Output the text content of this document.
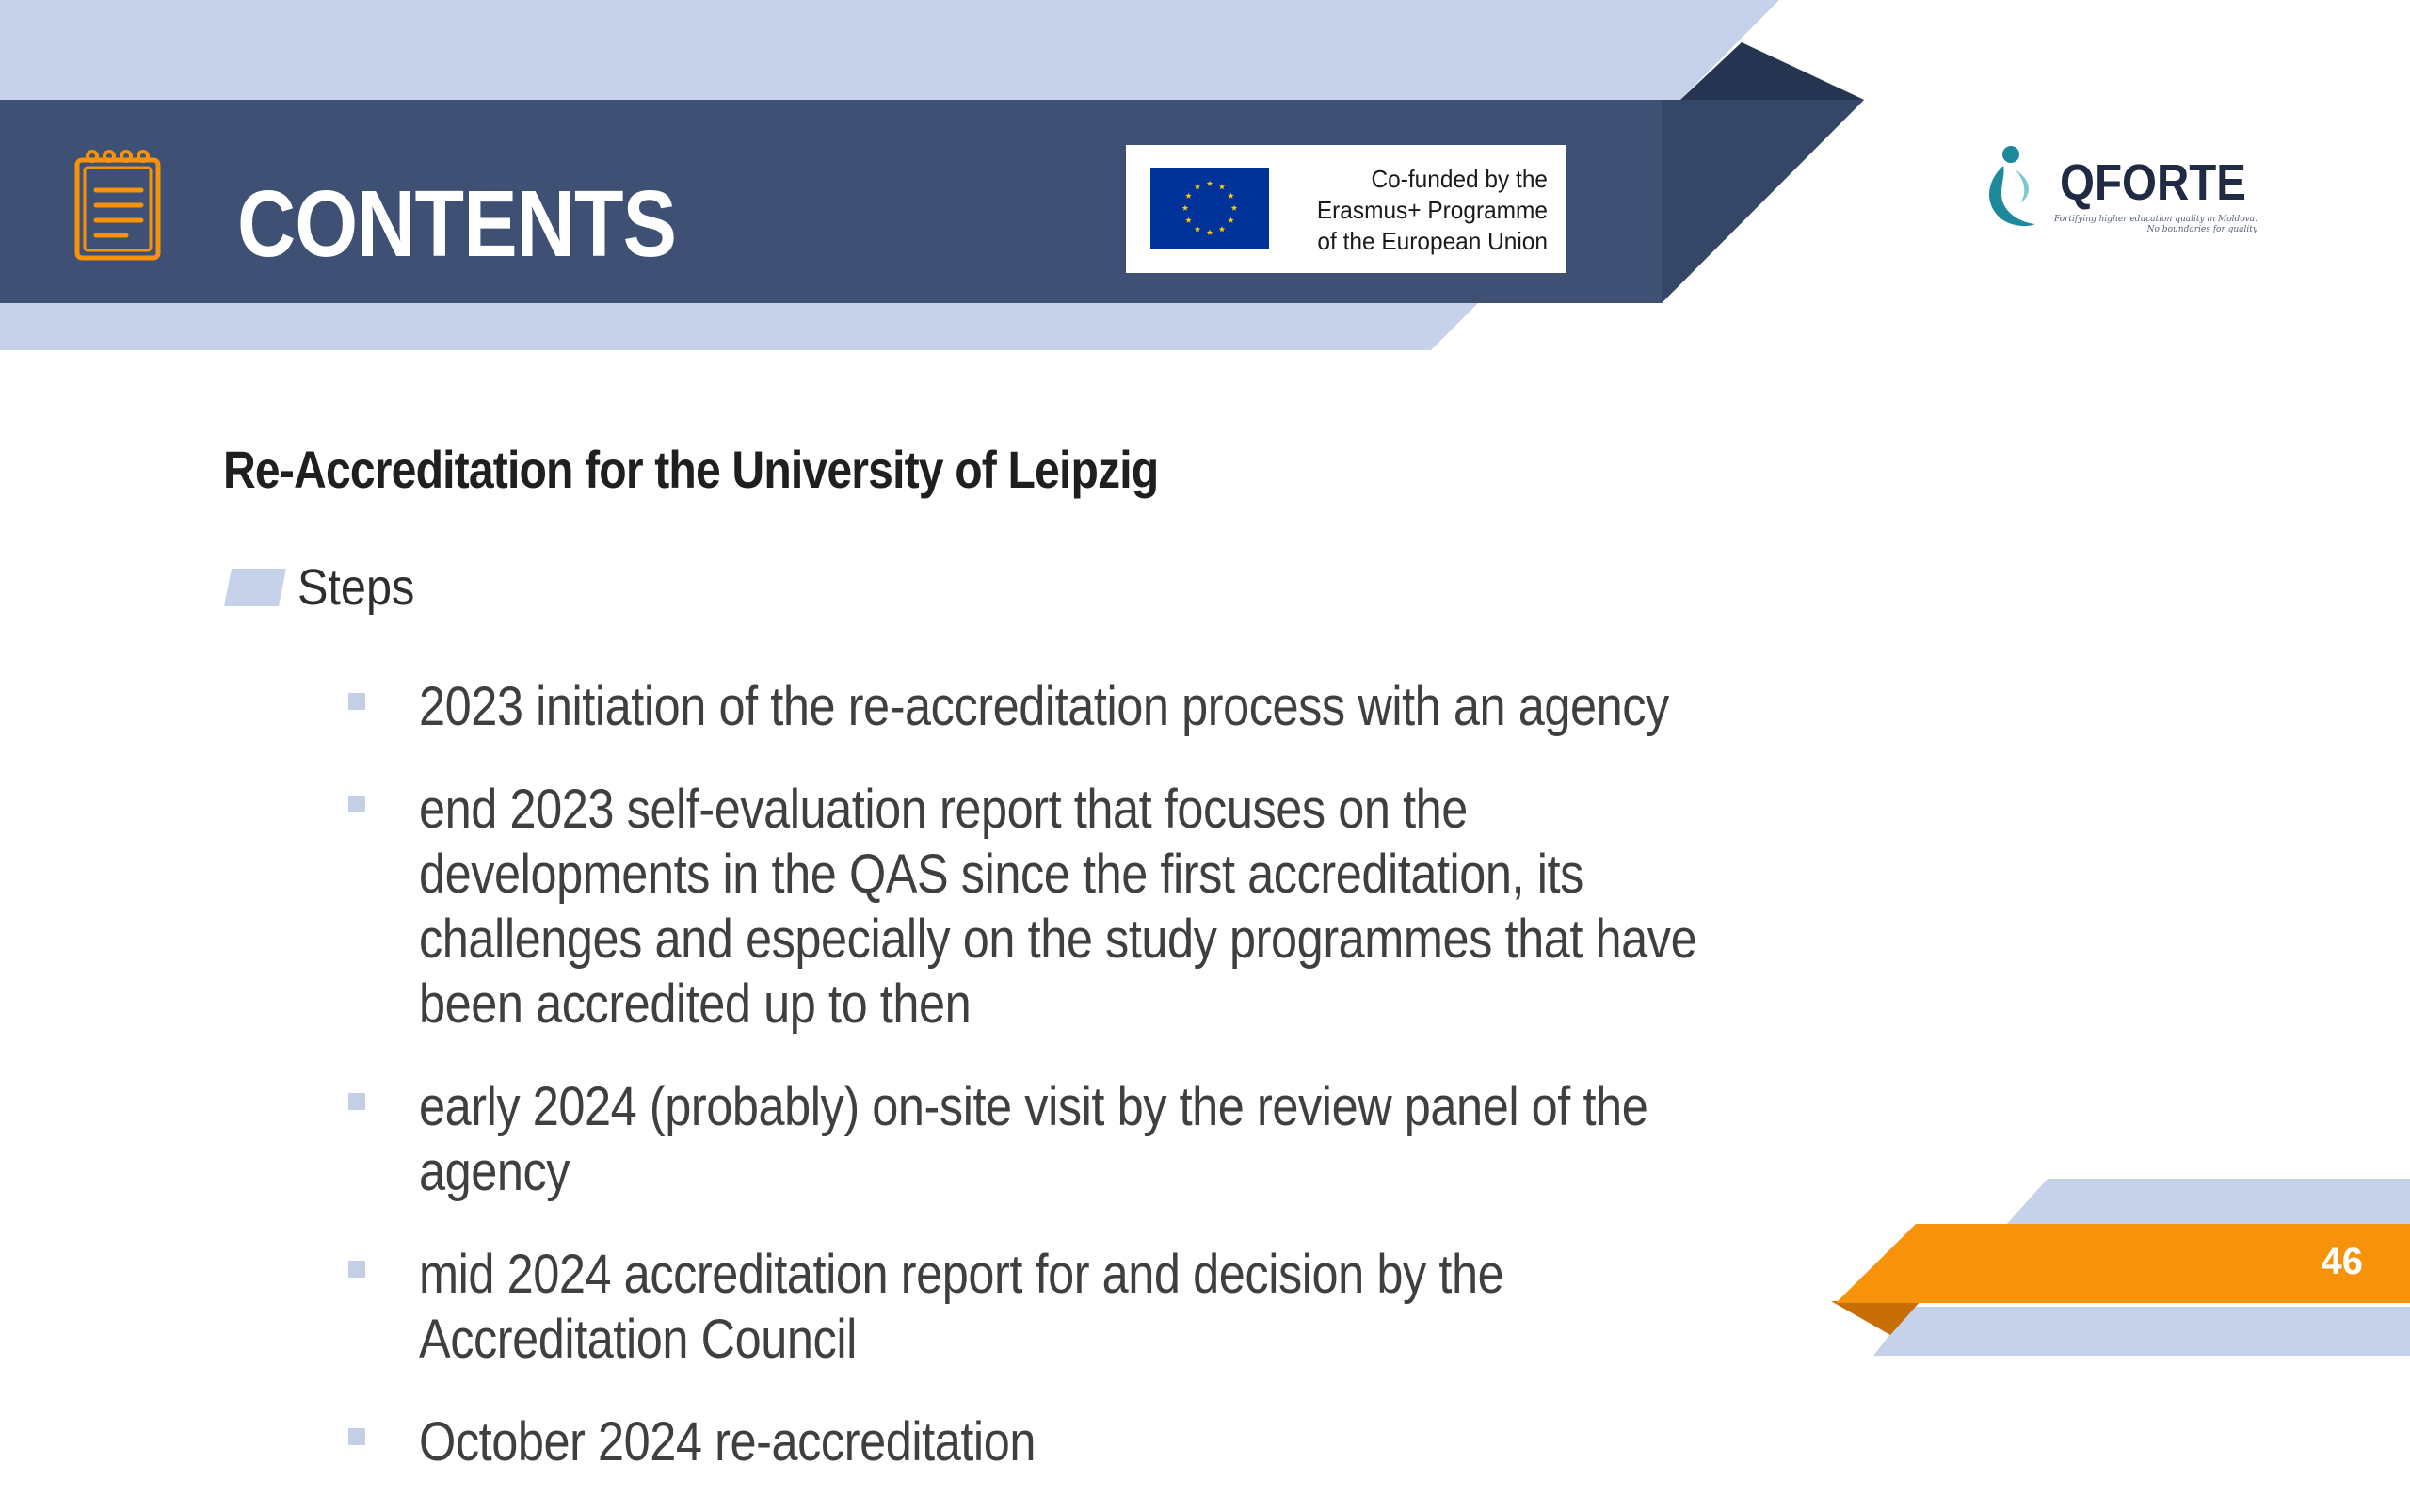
CONTENTS	Co-funded by the
Erasmus+ Programme
of the European Union

QFORTE

Fortifying higher education quality in Moldova.
No boundaries for quality
Re-Accreditation for the University of Leipzig

Steps

2023 initiation of the re-accreditation process with an agency
end 2023 self-evaluation report that focuses on the developments in the QAS since the first accreditation, its challenges and especially on the study programmes that have been accredited up to then
early 2024 (probably) on-site visit by the review panel of the agency
mid 2024 accreditation report for and decision by the Accreditation Council
October 2024 re-accreditation

46
